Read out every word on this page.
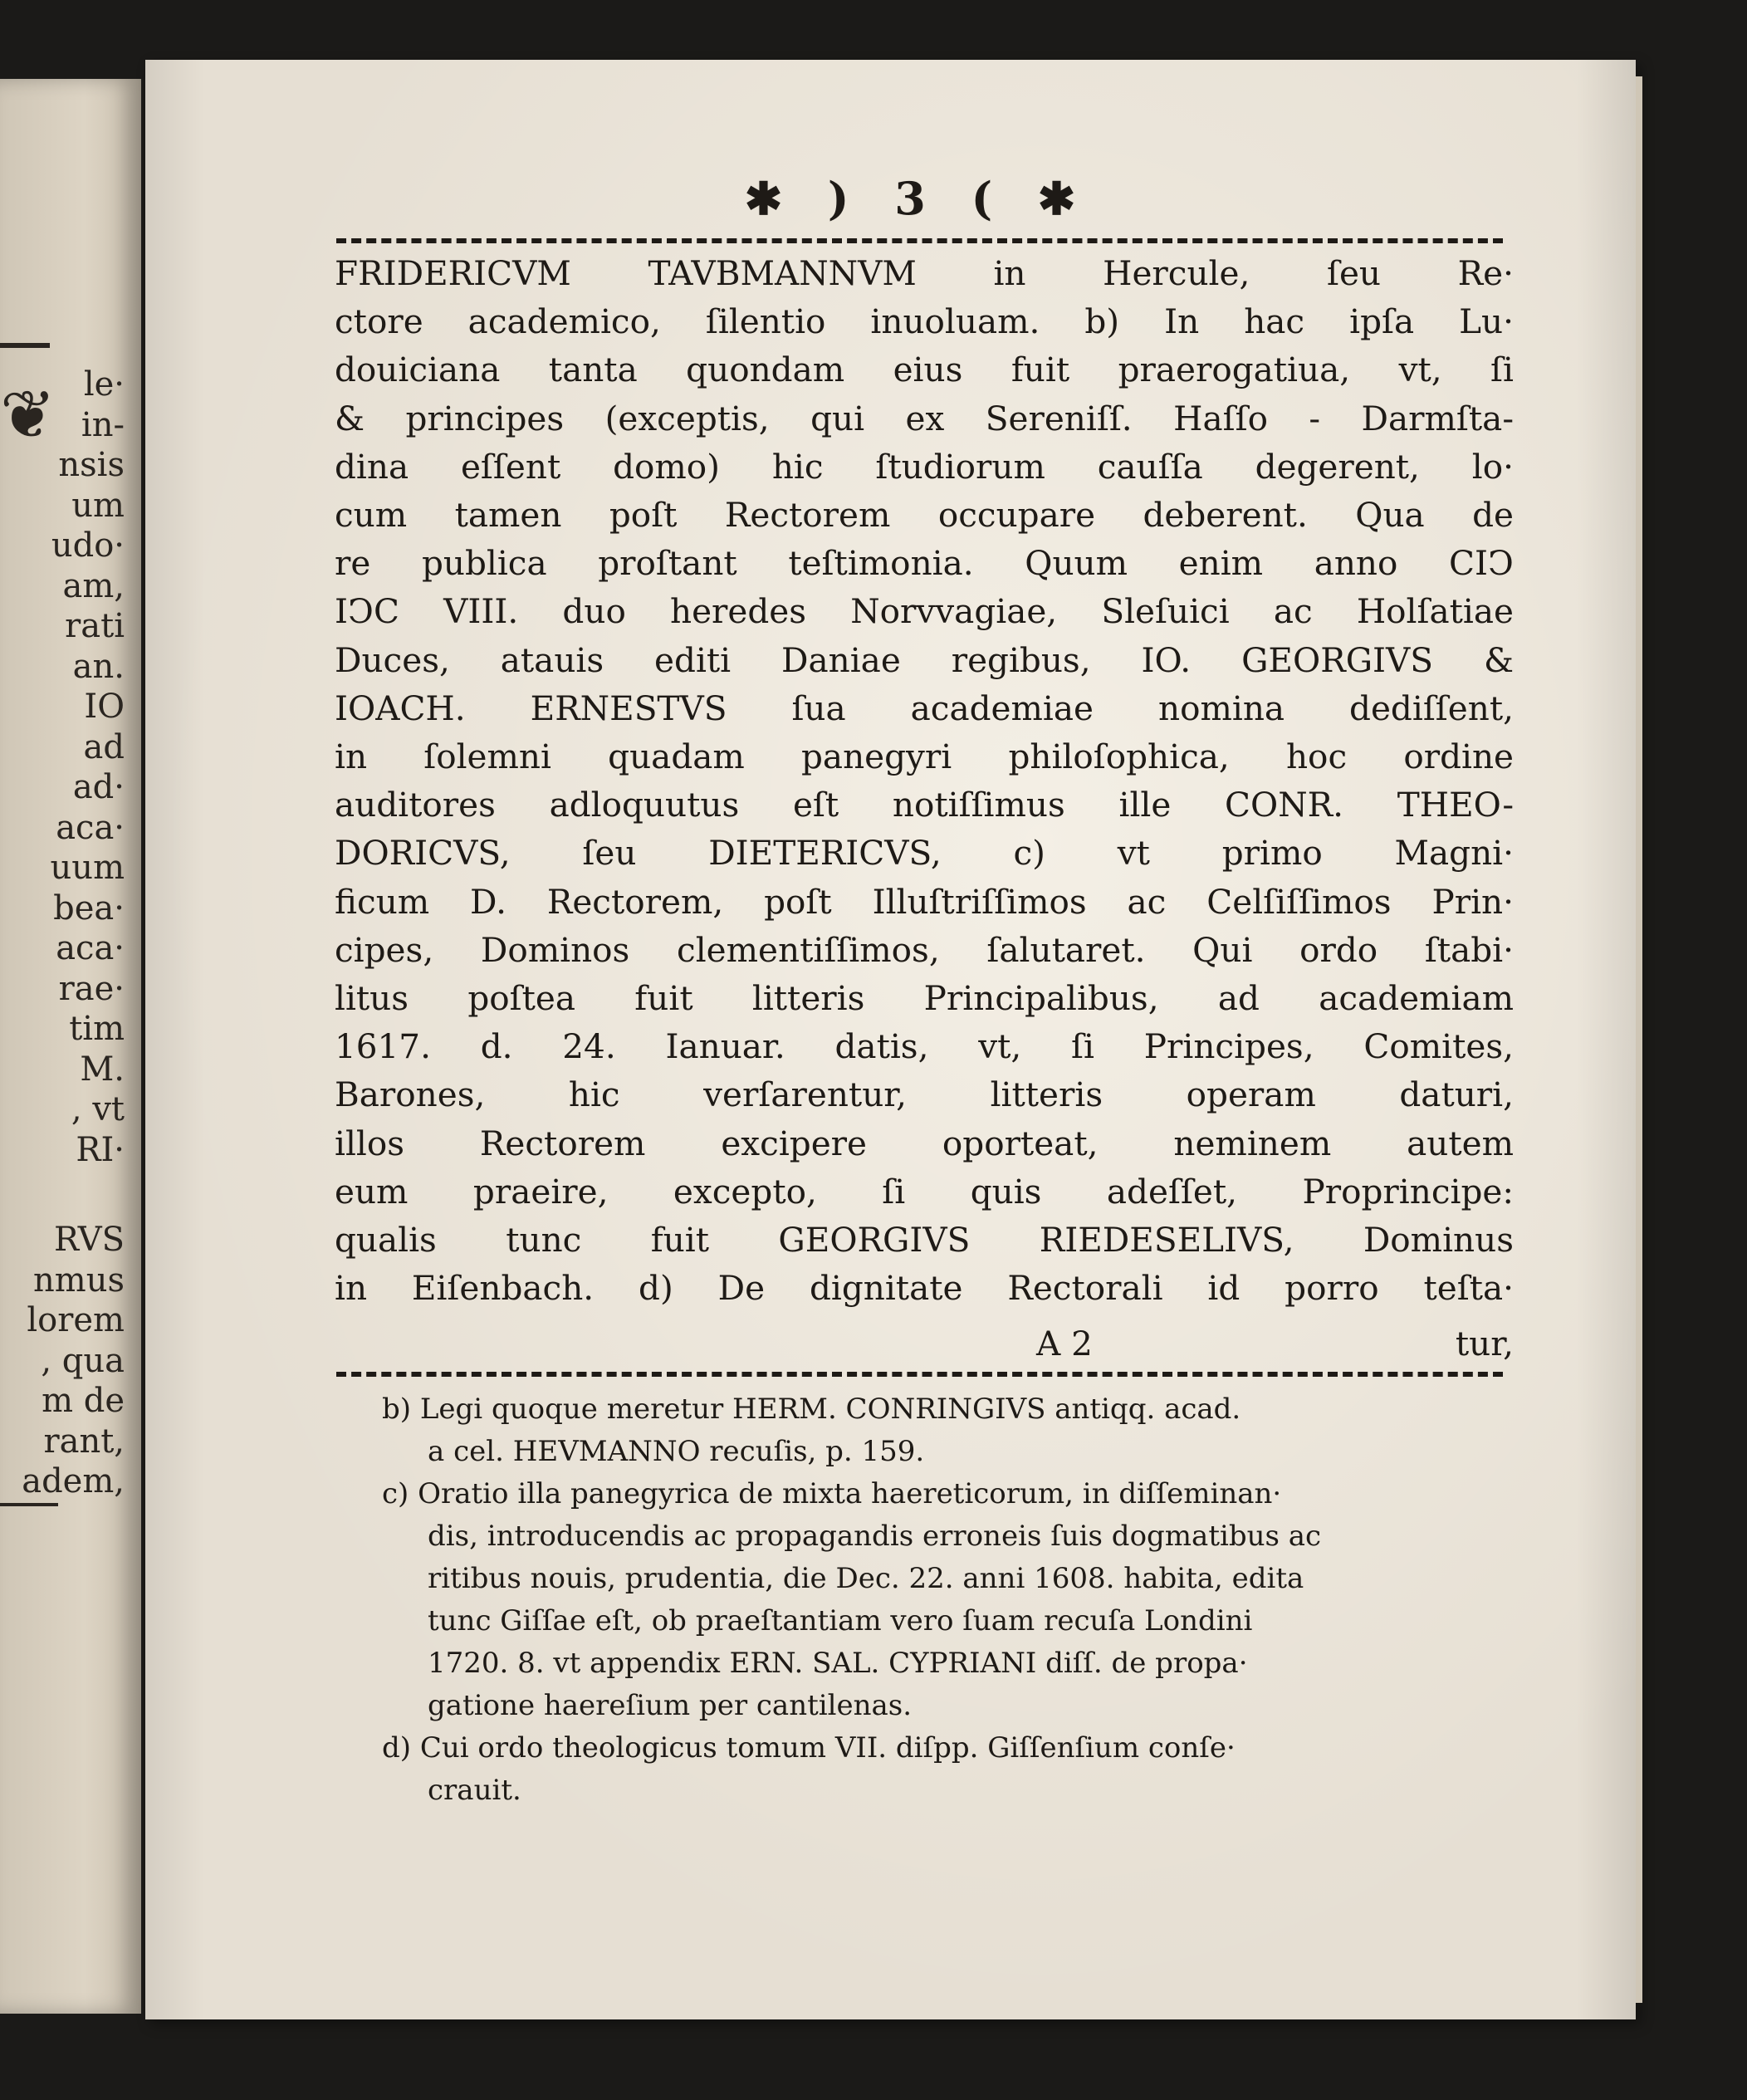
❦ le·
in-
nsis
um
udo·
am,
rati
an.
IO
ad
ad·
aca·
uum
bea·
aca·
rae·
tim
M.
, vt
RI·
RVS
nmus
lorem
, qua
m de
rant,
adem,
✱ ) 3 ( ✱
FRIDERICVM TAVBMANNVM in Hercule, ſeu Re·
ctore academico, ſilentio inuoluam. b) In hac ipſa Lu·
douiciana tanta quondam eius fuit praerogatiua, vt, ſi
& principes (exceptis, qui ex Sereniſſ. Haſſo - Darmſta-
dina eſſent domo) hic ſtudiorum cauſſa degerent, lo·
cum tamen poſt Rectorem occupare deberent. Qua de
re publica proſtant teſtimonia. Quum enim anno CIↃ
IↃC VIII. duo heredes Norvvagiae, Sleſuici ac Holſatiae
Duces, atauis editi Daniae regibus, IO. GEORGIVS &
IOACH. ERNESTVS ſua academiae nomina dediſſent,
in ſolemni quadam panegyri philoſophica, hoc ordine
auditores adloquutus eſt notiſſimus ille CONR. THEO-
DORICVS, ſeu DIETERICVS, c) vt primo Magni·
ficum D. Rectorem, poſt Illuſtriſſimos ac Celſiſſimos Prin·
cipes, Dominos clementiſſimos, ſalutaret. Qui ordo ſtabi·
litus poſtea fuit litteris Principalibus, ad academiam
1617. d. 24. Ianuar. datis, vt, ſi Principes, Comites,
Barones, hic verſarentur, litteris operam daturi,
illos Rectorem excipere oporteat, neminem autem
eum praeire, excepto, ſi quis adeſſet, Proprincipe:
qualis tunc fuit GEORGIVS RIEDESELIVS, Dominus
in Eiſenbach. d) De dignitate Rectorali id porro teſta·
A 2	tur,
b) Legi quoque meretur HERM. CONRINGIVS antiqq. acad.
a cel. HEVMANNO recuſis, p. 159.
c) Oratio illa panegyrica de mixta haereticorum, in diſſeminan·
dis, introducendis ac propagandis erroneis ſuis dogmatibus ac
ritibus nouis, prudentia, die Dec. 22. anni 1608. habita, edita
tunc Giſſae eſt, ob praeſtantiam vero ſuam recuſa Londini
1720. 8. vt appendix ERN. SAL. CYPRIANI diſſ. de propa·
gatione haereſium per cantilenas.
d) Cui ordo theologicus tomum VII. diſpp. Giſſenſium conſe·
crauit.
